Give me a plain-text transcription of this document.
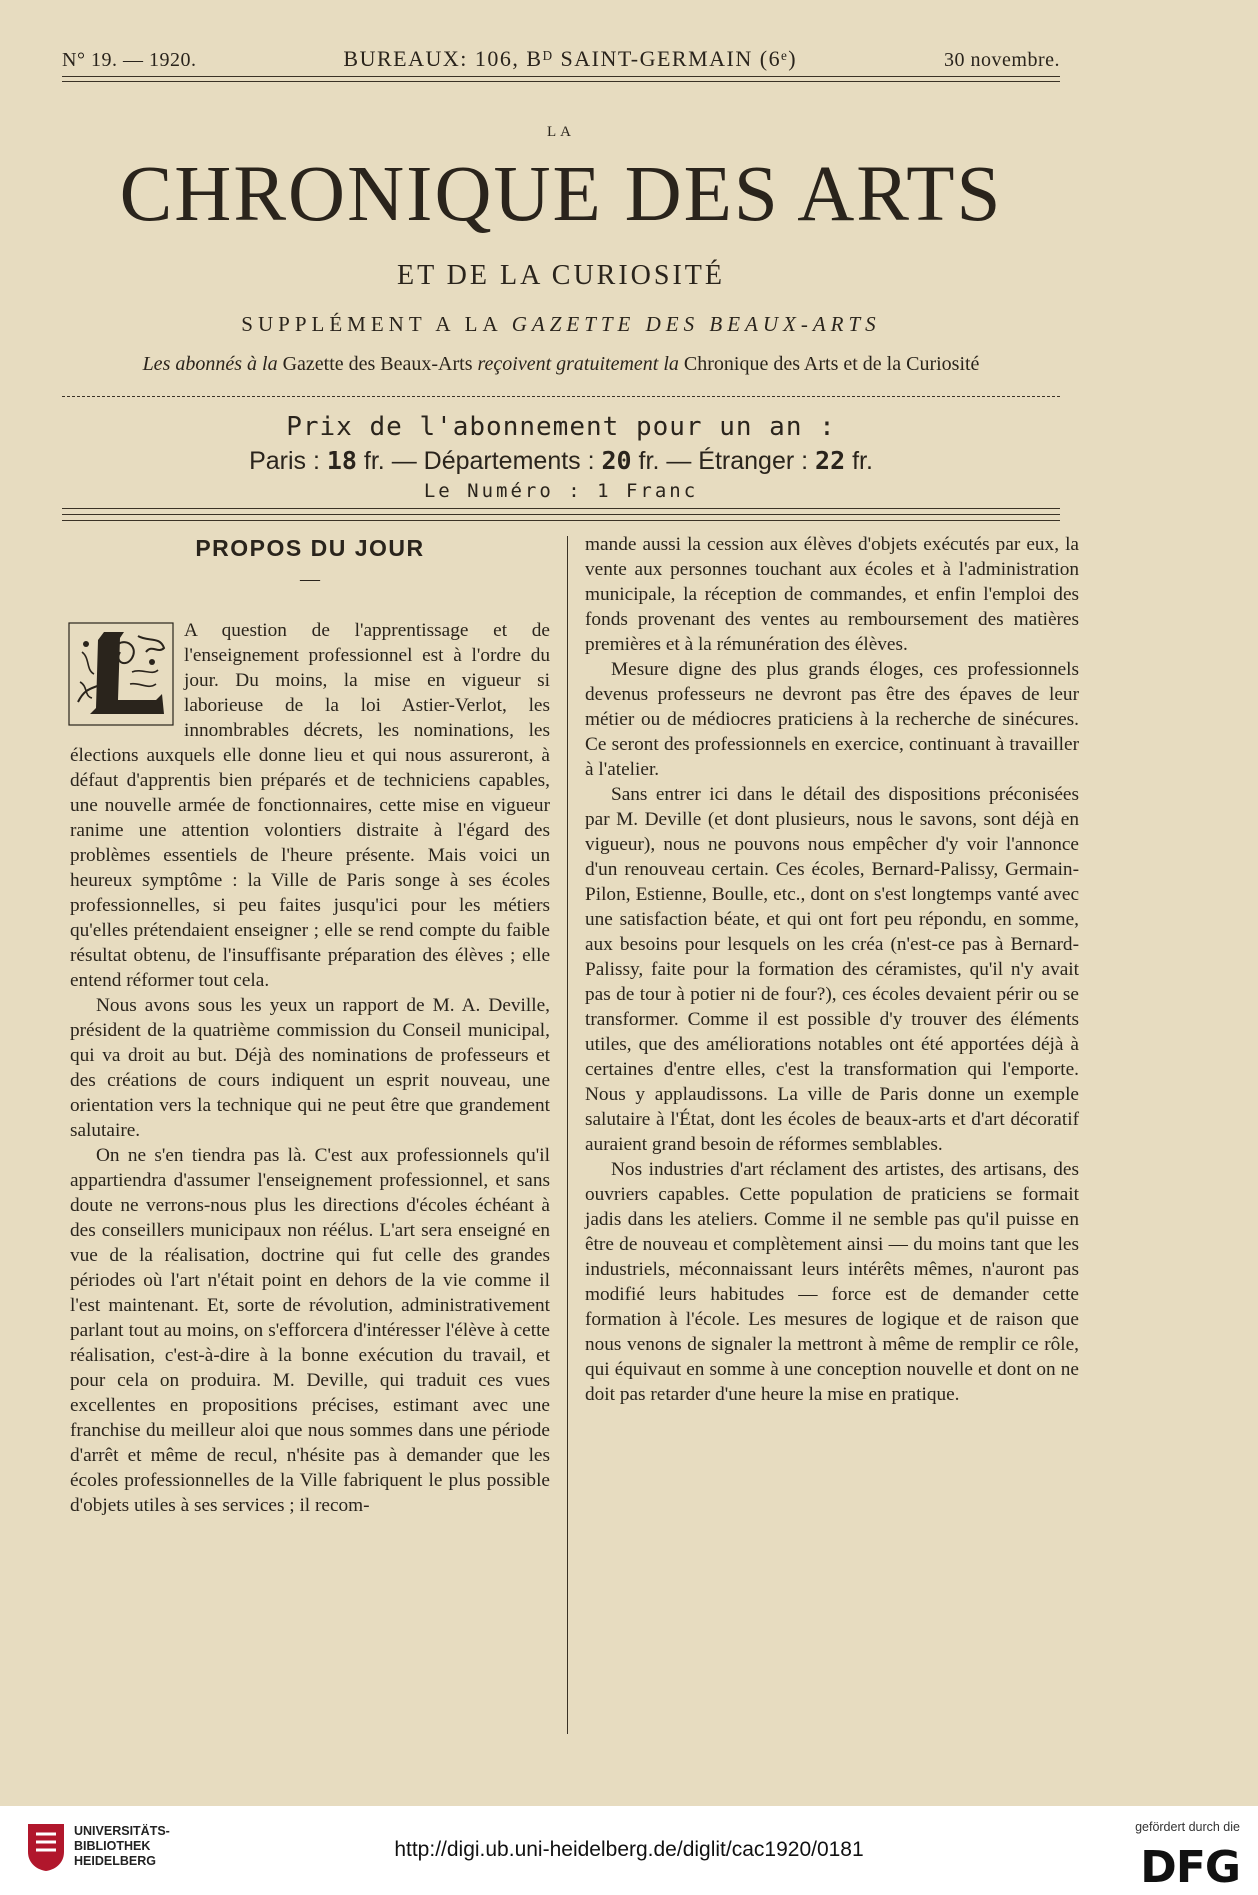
N° 19. — 1920.	BUREAUX: 106, Bᴰ SAINT-GERMAIN (6ᵉ)	30 novembre.
LA
CHRONIQUE DES ARTS
ET DE LA CURIOSITÉ
SUPPLÉMENT A LA GAZETTE DES BEAUX-ARTS
Les abonnés à la Gazette des Beaux-Arts reçoivent gratuitement la Chronique des Arts et de la Curiosité
Prix de l'abonnement pour un an :
Paris : 18 fr. — Départements : 20 fr. — Étranger : 22 fr.
Le Numéro : 1 Franc
PROPOS DU JOUR
—

A question de l'apprentissage et de l'enseignement professionnel est à l'ordre du jour. Du moins, la mise en vigueur si laborieuse de la loi Astier-Verlot, les innombrables décrets, les nominations, les élections auxquels elle donne lieu et qui nous assureront, à défaut d'apprentis bien préparés et de techniciens capables, une nouvelle armée de fonctionnaires, cette mise en vigueur ranime une attention volontiers distraite à l'égard des problèmes essentiels de l'heure présente. Mais voici un heureux symptôme : la Ville de Paris songe à ses écoles professionnelles, si peu faites jusqu'ici pour les métiers qu'elles prétendaient enseigner ; elle se rend compte du faible résultat obtenu, de l'insuffisante préparation des élèves ; elle entend réformer tout cela.

Nous avons sous les yeux un rapport de M. A. Deville, président de la quatrième commission du Conseil municipal, qui va droit au but. Déjà des nominations de professeurs et des créations de cours indiquent un esprit nouveau, une orientation vers la technique qui ne peut être que grandement salutaire.

On ne s'en tiendra pas là. C'est aux professionnels qu'il appartiendra d'assumer l'enseignement professionnel, et sans doute ne verrons-nous plus les directions d'écoles échéant à des conseillers municipaux non réélus. L'art sera enseigné en vue de la réalisation, doctrine qui fut celle des grandes périodes où l'art n'était point en dehors de la vie comme il l'est maintenant. Et, sorte de révolution, administrativement parlant tout au moins, on s'efforcera d'intéresser l'élève à cette réalisation, c'est-à-dire à la bonne exécution du travail, et pour cela on produira. M. Deville, qui traduit ces vues excellentes en propositions précises, estimant avec une franchise du meilleur aloi que nous sommes dans une période d'arrêt et même de recul, n'hésite pas à demander que les écoles professionnelles de la Ville fabriquent le plus possible d'objets utiles à ses services ; il recom-

mande aussi la cession aux élèves d'objets exécutés par eux, la vente aux personnes touchant aux écoles et à l'administration municipale, la réception de commandes, et enfin l'emploi des fonds provenant des ventes au remboursement des matières premières et à la rémunération des élèves.

Mesure digne des plus grands éloges, ces professionnels devenus professeurs ne devront pas être des épaves de leur métier ou de médiocres praticiens à la recherche de sinécures. Ce seront des professionnels en exercice, continuant à travailler à l'atelier.

Sans entrer ici dans le détail des dispositions préconisées par M. Deville (et dont plusieurs, nous le savons, sont déjà en vigueur), nous ne pouvons nous empêcher d'y voir l'annonce d'un renouveau certain. Ces écoles, Bernard-Palissy, Germain-Pilon, Estienne, Boulle, etc., dont on s'est longtemps vanté avec une satisfaction béate, et qui ont fort peu répondu, en somme, aux besoins pour lesquels on les créa (n'est-ce pas à Bernard-Palissy, faite pour la formation des céramistes, qu'il n'y avait pas de tour à potier ni de four?), ces écoles devaient périr ou se transformer. Comme il est possible d'y trouver des éléments utiles, que des améliorations notables ont été apportées déjà à certaines d'entre elles, c'est la transformation qui l'emporte. Nous y applaudissons. La ville de Paris donne un exemple salutaire à l'État, dont les écoles de beaux-arts et d'art décoratif auraient grand besoin de réformes semblables.

Nos industries d'art réclament des artistes, des artisans, des ouvriers capables. Cette population de praticiens se formait jadis dans les ateliers. Comme il ne semble pas qu'il puisse en être de nouveau et complètement ainsi — du moins tant que les industriels, méconnaissant leurs intérêts mêmes, n'auront pas modifié leurs habitudes — force est de demander cette formation à l'école. Les mesures de logique et de raison que nous venons de signaler la mettront à même de remplir ce rôle, qui équivaut en somme à une conception nouvelle et dont on ne doit pas retarder d'une heure la mise en pratique.

UNIVERSITÄTS-
BIBLIOTHEK
HEIDELBERG	http://digi.ub.uni-heidelberg.de/diglit/cac1920/0181
gefördert durch die
DFG
